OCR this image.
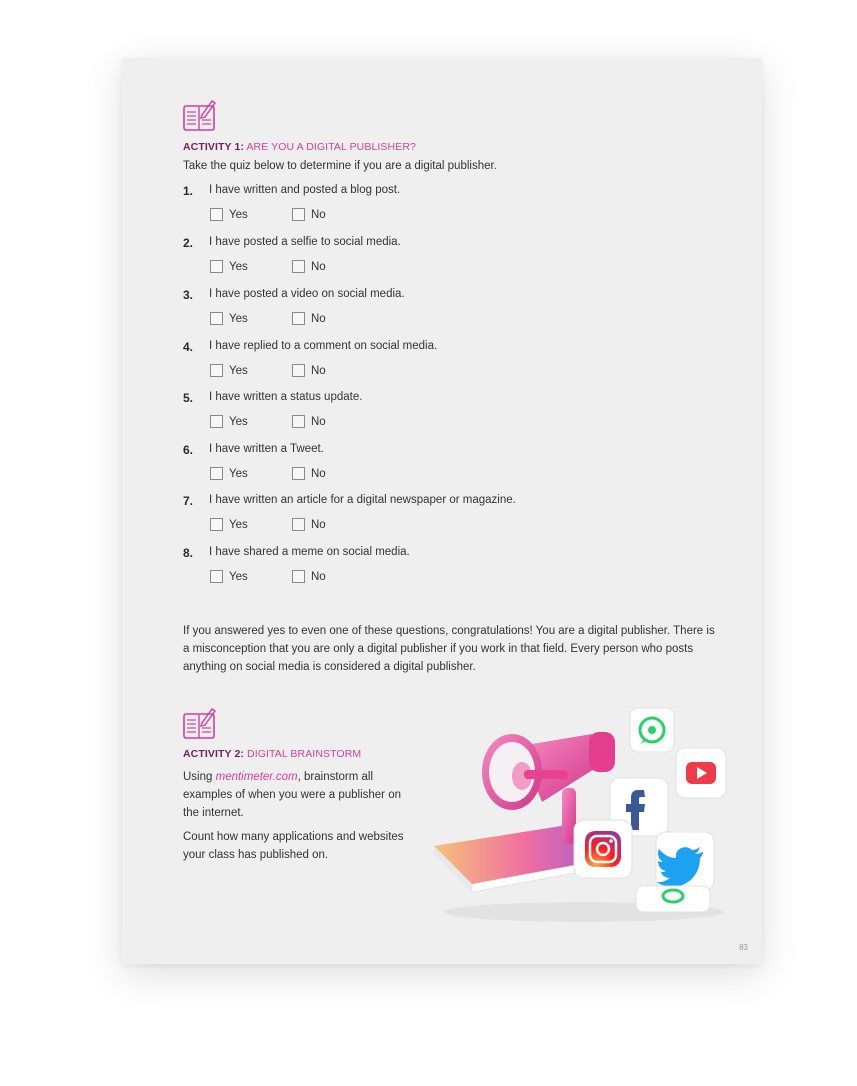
ACTIVITY 1: ARE YOU A DIGITAL PUBLISHER?
Take the quiz below to determine if you are a digital publisher.
1. I have written and posted a blog post.
Yes	No
2. I have posted a selfie to social media.
Yes	No
3. I have posted a video on social media.
Yes	No
4. I have replied to a comment on social media.
Yes	No
5. I have written a status update.
Yes	No
6. I have written a Tweet.
Yes	No
7. I have written an article for a digital newspaper or magazine.
Yes	No
8. I have shared a meme on social media.
Yes	No
If you answered yes to even one of these questions, congratulations! You are a digital publisher. There is a misconception that you are only a digital publisher if you work in that field. Every person who posts anything on social media is considered a digital publisher.
ACTIVITY 2: DIGITAL BRAINSTORM

Using mentimeter.com, brainstorm all examples of when you were a publisher on the internet.

Count how many applications and websites your class has published on.

83
